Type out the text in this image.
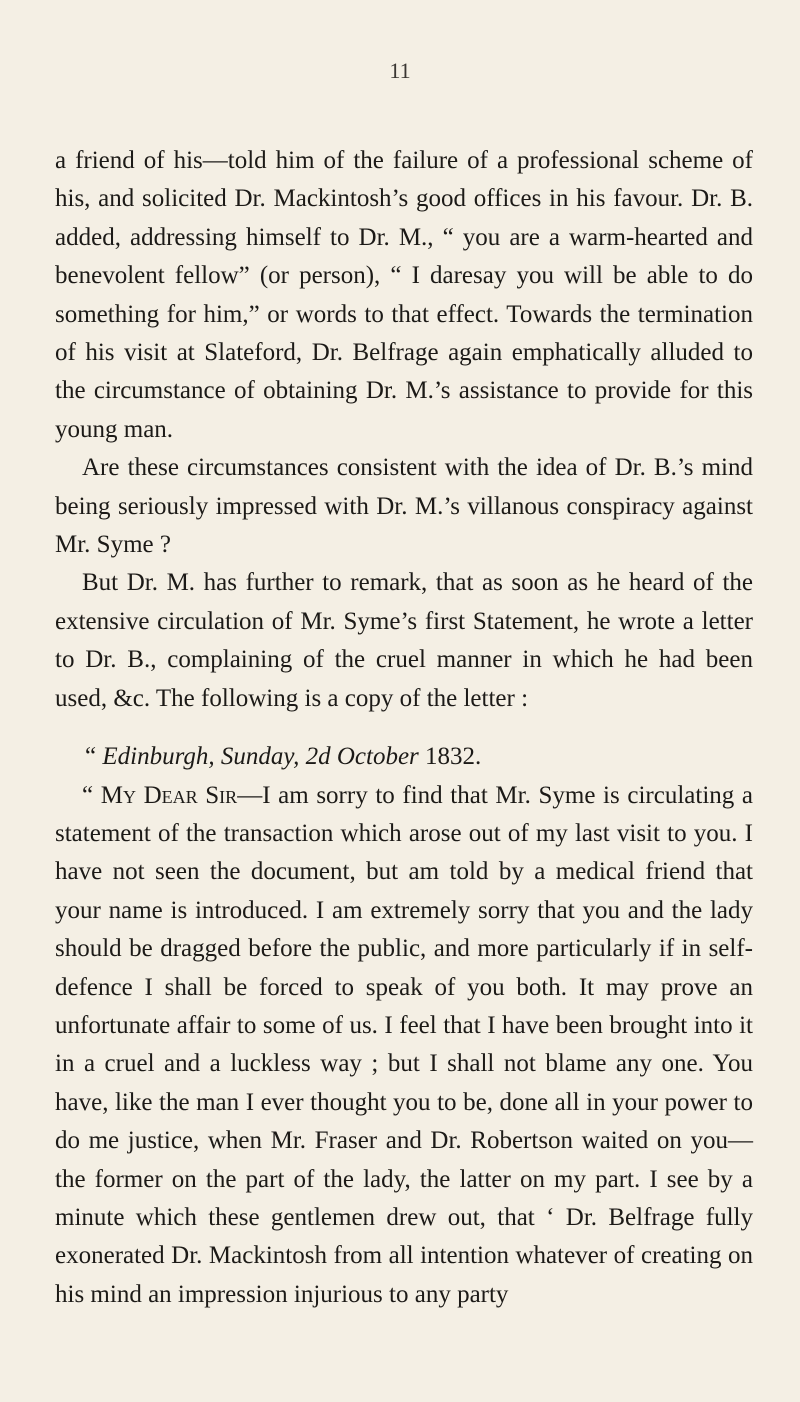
11

a friend of his—told him of the failure of a professional scheme of his, and solicited Dr. Mackintosh’s good offices in his favour. Dr. B. added, addressing himself to Dr. M., “ you are a warm-hearted and benevolent fellow” (or person), “ I daresay you will be able to do something for him,” or words to that effect. Towards the termination of his visit at Slateford, Dr. Belfrage again emphatically alluded to the circumstance of obtaining Dr. M.’s assistance to provide for this young man.

Are these circumstances consistent with the idea of Dr. B.’s mind being seriously impressed with Dr. M.’s villanous conspiracy against Mr. Syme ?

But Dr. M. has further to remark, that as soon as he heard of the extensive circulation of Mr. Syme’s first Statement, he wrote a letter to Dr. B., complaining of the cruel manner in which he had been used, &c. The following is a copy of the letter :

“ Edinburgh, Sunday, 2d October 1832.

“ My Dear Sir—I am sorry to find that Mr. Syme is circulating a statement of the transaction which arose out of my last visit to you. I have not seen the document, but am told by a medical friend that your name is introduced. I am extremely sorry that you and the lady should be dragged before the public, and more particularly if in self-defence I shall be forced to speak of you both. It may prove an unfortunate affair to some of us. I feel that I have been brought into it in a cruel and a luckless way ; but I shall not blame any one. You have, like the man I ever thought you to be, done all in your power to do me justice, when Mr. Fraser and Dr. Robertson waited on you—the former on the part of the lady, the latter on my part. I see by a minute which these gentlemen drew out, that ‘ Dr. Belfrage fully exonerated Dr. Mackintosh from all intention whatever of creating on his mind an impression injurious to any party
